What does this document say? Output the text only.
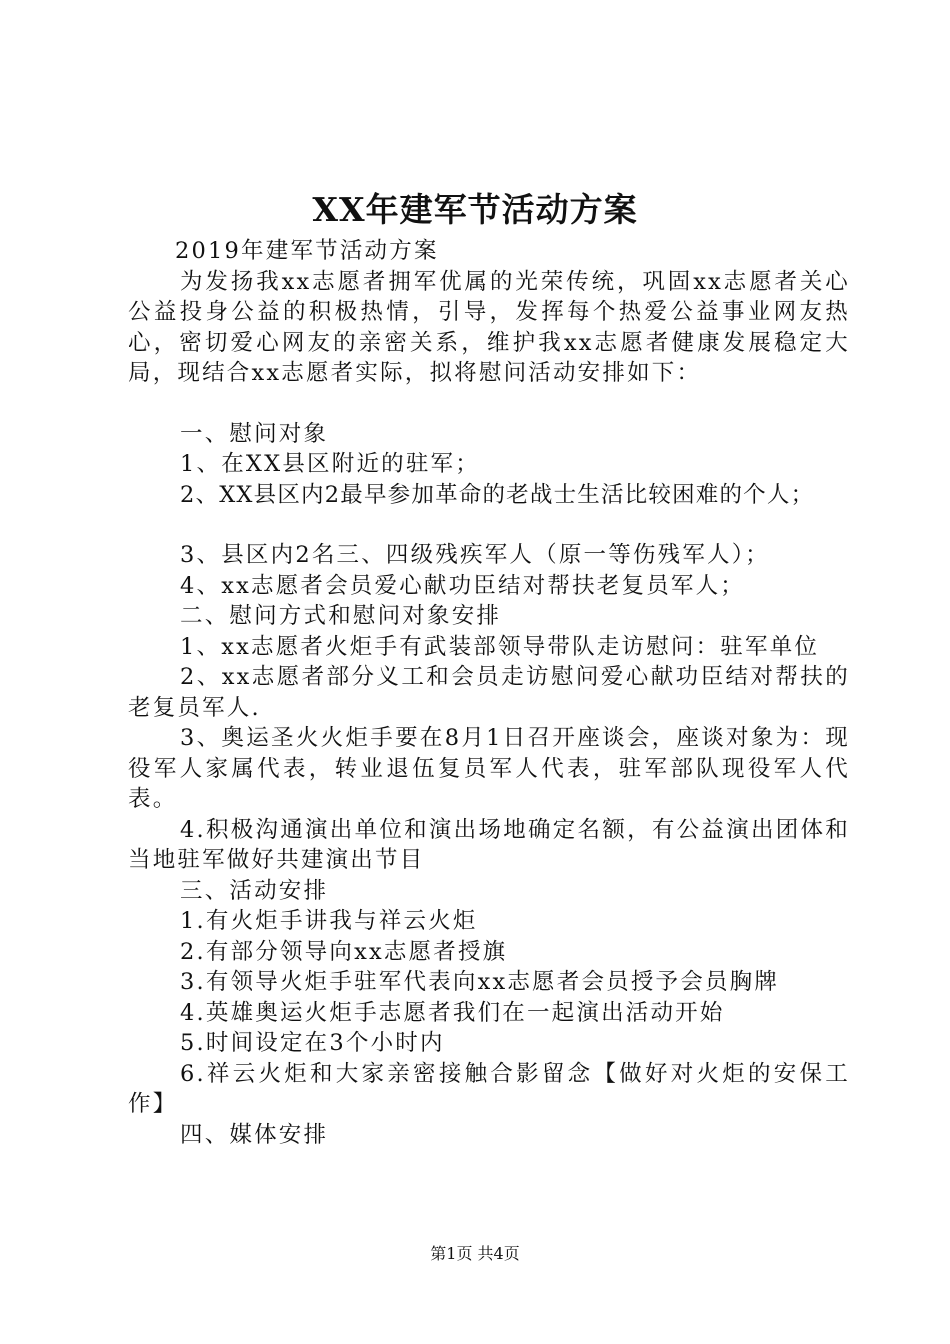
XX年建军节活动方案

2019年建军节活动方案

为发扬我xx志愿者拥军优属的光荣传统，巩固xx志愿者关心公益投身公益的积极热情，引导，发挥每个热爱公益事业网友热心，密切爱心网友的亲密关系，维护我xx志愿者健康发展稳定大局，现结合xx志愿者实际，拟将慰问活动安排如下：

一、慰问对象

1、在XX县区附近的驻军；

2、XX县区内2最早参加革命的老战士生活比较困难的个人；

3、县区内2名三、四级残疾军人（原一等伤残军人）；

4、xx志愿者会员爱心献功臣结对帮扶老复员军人；

二、慰问方式和慰问对象安排

1、xx志愿者火炬手有武装部领导带队走访慰问：驻军单位

2、xx志愿者部分义工和会员走访慰问爱心献功臣结对帮扶的老复员军人.

3、奥运圣火火炬手要在8月1日召开座谈会，座谈对象为：现役军人家属代表，转业退伍复员军人代表，驻军部队现役军人代表。

4.积极沟通演出单位和演出场地确定名额，有公益演出团体和当地驻军做好共建演出节目

三、活动安排

1.有火炬手讲我与祥云火炬

2.有部分领导向xx志愿者授旗

3.有领导火炬手驻军代表向xx志愿者会员授予会员胸牌

4.英雄奥运火炬手志愿者我们在一起演出活动开始

5.时间设定在3个小时内

6.祥云火炬和大家亲密接触合影留念【做好对火炬的安保工作】

四、媒体安排

第1页 共4页
